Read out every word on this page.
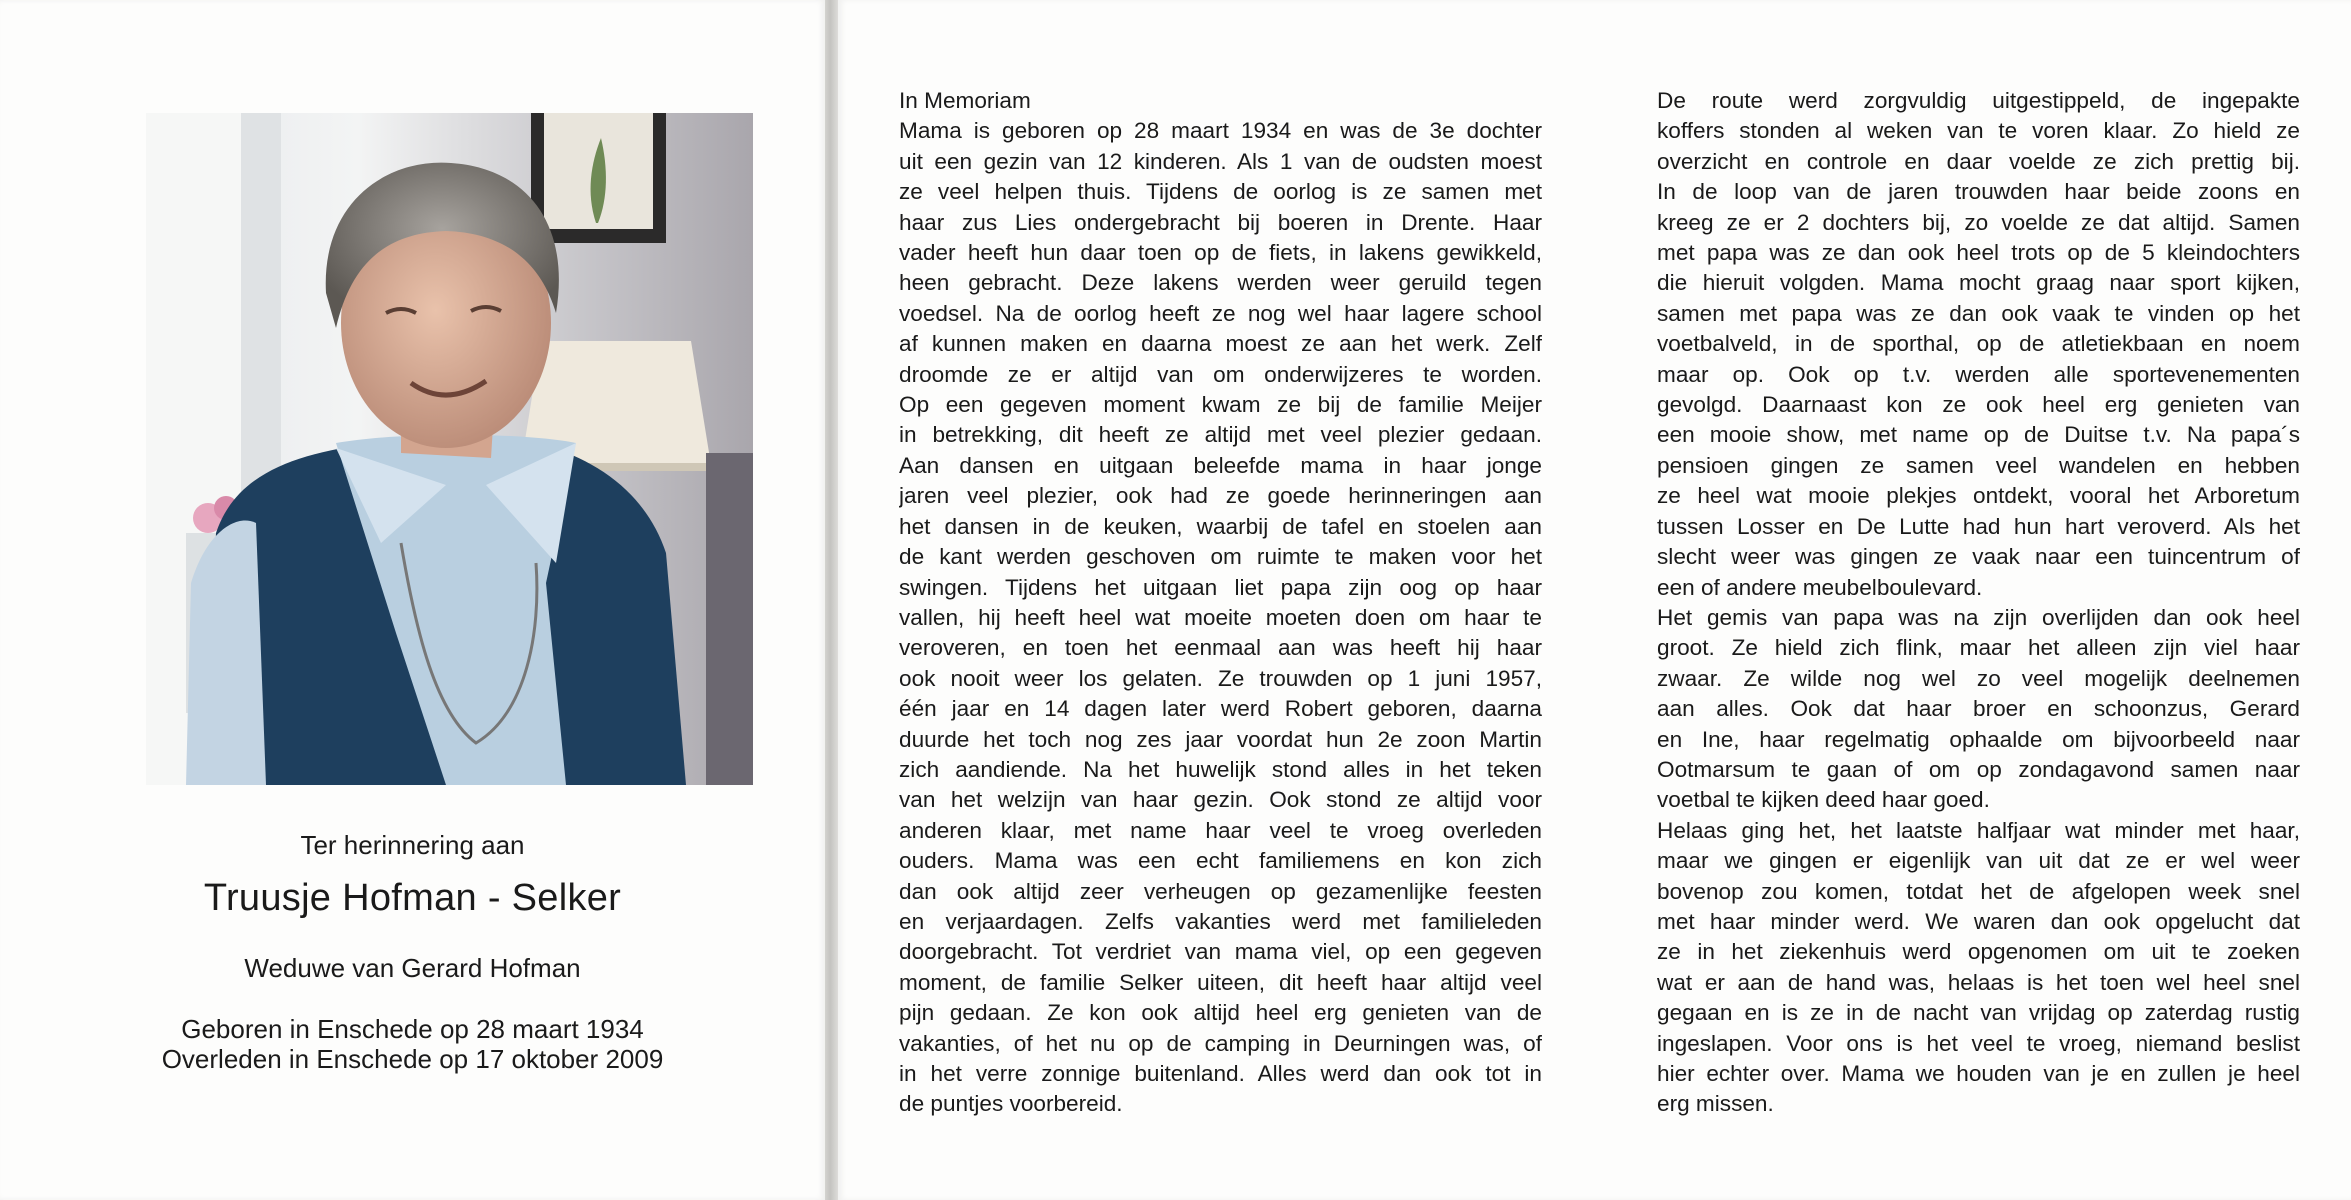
Ter herinnering aan

Truusje Hofman - Selker

Weduwe van Gerard Hofman

Geboren in Enschede op 28 maart 1934

Overleden in Enschede op 17 oktober 2009

In Memoriam
Mama is geboren op 28 maart 1934 en was de 3e dochter
uit een gezin van 12 kinderen. Als 1 van de oudsten moest
ze veel helpen thuis. Tijdens de oorlog is ze samen met
haar zus Lies ondergebracht bij boeren in Drente. Haar
vader heeft hun daar toen op de fiets, in lakens gewikkeld,
heen gebracht. Deze lakens werden weer geruild tegen
voedsel. Na de oorlog heeft ze nog wel haar lagere school
af kunnen maken en daarna moest ze aan het werk. Zelf
droomde ze er altijd van om onderwijzeres te worden.
Op een gegeven moment kwam ze bij de familie Meijer
in betrekking, dit heeft ze altijd met veel plezier gedaan.
Aan dansen en uitgaan beleefde mama in haar jonge
jaren veel plezier, ook had ze goede herinneringen aan
het dansen in de keuken, waarbij de tafel en stoelen aan
de kant werden geschoven om ruimte te maken voor het
swingen. Tijdens het uitgaan liet papa zijn oog op haar
vallen, hij heeft heel wat moeite moeten doen om haar te
veroveren, en toen het eenmaal aan was heeft hij haar
ook nooit weer los gelaten. Ze trouwden op 1 juni 1957,
één jaar en 14 dagen later werd Robert geboren, daarna
duurde het toch nog zes jaar voordat hun 2e zoon Martin
zich aandiende. Na het huwelijk stond alles in het teken
van het welzijn van haar gezin. Ook stond ze altijd voor
anderen klaar, met name haar veel te vroeg overleden
ouders. Mama was een echt familiemens en kon zich
dan ook altijd zeer verheugen op gezamenlijke feesten
en verjaardagen. Zelfs vakanties werd met familieleden
doorgebracht. Tot verdriet van mama viel, op een gegeven
moment, de familie Selker uiteen, dit heeft haar altijd veel
pijn gedaan. Ze kon ook altijd heel erg genieten van de
vakanties, of het nu op de camping in Deurningen was, of
in het verre zonnige buitenland. Alles werd dan ook tot in
de puntjes voorbereid.
De route werd zorgvuldig uitgestippeld, de ingepakte
koffers stonden al weken van te voren klaar. Zo hield ze
overzicht en controle en daar voelde ze zich prettig bij.
In de loop van de jaren trouwden haar beide zoons en
kreeg ze er 2 dochters bij, zo voelde ze dat altijd. Samen
met papa was ze dan ook heel trots op de 5 kleindochters
die hieruit volgden. Mama mocht graag naar sport kijken,
samen met papa was ze dan ook vaak te vinden op het
voetbalveld, in de sporthal, op de atletiekbaan en noem
maar op. Ook op t.v. werden alle sportevenementen
gevolgd. Daarnaast kon ze ook heel erg genieten van
een mooie show, met name op de Duitse t.v. Na papa´s
pensioen gingen ze samen veel wandelen en hebben
ze heel wat mooie plekjes ontdekt, vooral het Arboretum
tussen Losser en De Lutte had hun hart veroverd. Als het
slecht weer was gingen ze vaak naar een tuincentrum of
een of andere meubelboulevard.
Het gemis van papa was na zijn overlijden dan ook heel
groot. Ze hield zich flink, maar het alleen zijn viel haar
zwaar. Ze wilde nog wel zo veel mogelijk deelnemen
aan alles. Ook dat haar broer en schoonzus, Gerard
en Ine, haar regelmatig ophaalde om bijvoorbeeld naar
Ootmarsum te gaan of om op zondagavond samen naar
voetbal te kijken deed haar goed.
Helaas ging het, het laatste halfjaar wat minder met haar,
maar we gingen er eigenlijk van uit dat ze er wel weer
bovenop zou komen, totdat het de afgelopen week snel
met haar minder werd. We waren dan ook opgelucht dat
ze in het ziekenhuis werd opgenomen om uit te zoeken
wat er aan de hand was, helaas is het toen wel heel snel
gegaan en is ze in de nacht van vrijdag op zaterdag rustig
ingeslapen. Voor ons is het veel te vroeg, niemand beslist
hier echter over. Mama we houden van je en zullen je heel
erg missen.
